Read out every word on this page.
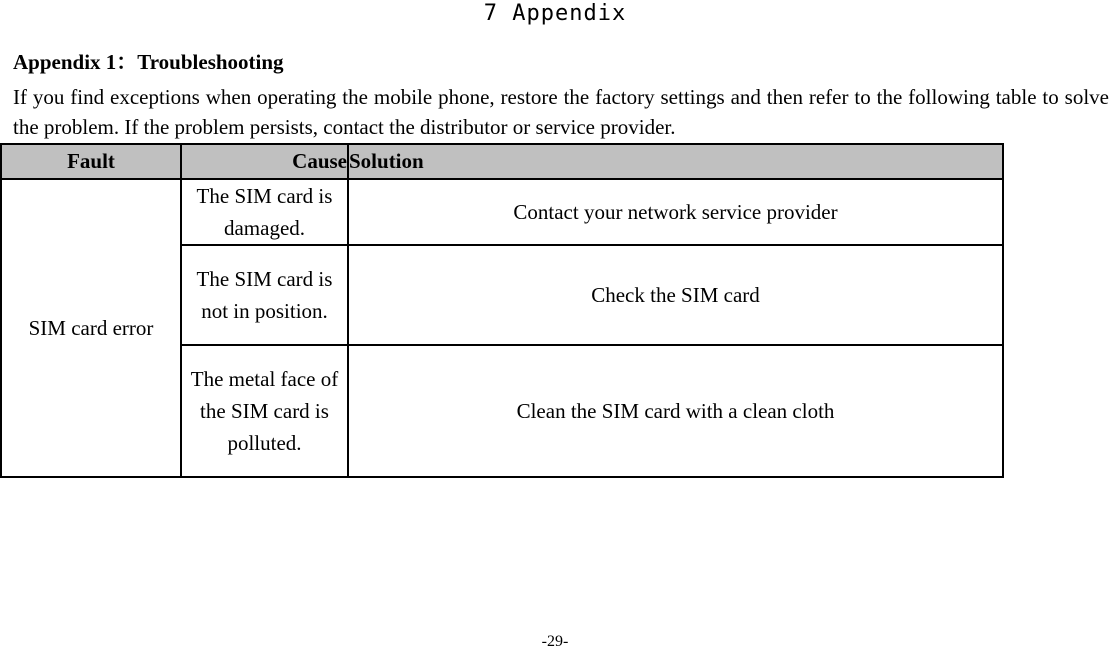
7 Appendix
Appendix 1：Troubleshooting
If you find exceptions when operating the mobile phone, restore the factory settings and then refer to the following table to solve the problem. If the problem persists, contact the distributor or service provider.
Fault	Cause	Solution
SIM card error	The SIM card is damaged.	Contact your network service provider
	The SIM card is not in position.	Check the SIM card
	The metal face of the SIM card is polluted.	Clean the SIM card with a clean cloth
-29-
